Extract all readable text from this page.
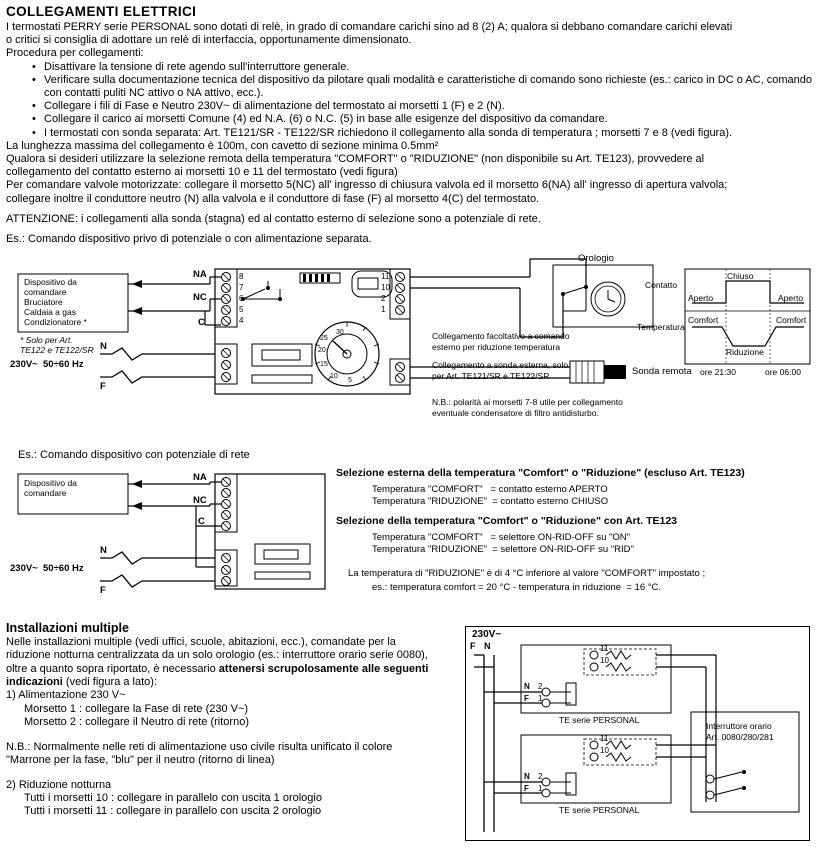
COLLEGAMENTI ELETTRICI

I termostati PERRY serie PERSONAL sono dotati di relè, in grado di comandare carichi sino ad 8 (2) A; qualora si debbano comandare carichi elevati

o critici si consiglia di adottare un relè di interfaccia, opportunamente dimensionato.

Procedura per collegamenti:

• Disattivare la tensione di rete agendo sull'interruttore generale.
• Verificare sulla documentazione tecnica del dispositivo da pilotare quali modalità e caratteristiche di comando sono richieste (es.: carico in DC o AC, comando con contatti puliti NC attivo o NA attivo, ecc.).
• Collegare i fili di Fase e Neutro 230V~ di alimentazione del termostato ai morsetti 1 (F) e 2 (N).
• Collegare il carico ai morsetti Comune (4) ed N.A. (6) o N.C. (5) in base alle esigenze del dispositivo da comandare.
• I termostati con sonda separata: Art. TE121/SR - TE122/SR richiedono il collegamento alla sonda di temperatura ; morsetti 7 e 8 (vedi figura).

La lunghezza massima del collegamento è 100m, con cavetto di sezione minima 0.5mm²

Qualora si desideri utilizzare la selezione remota della temperatura "COMFORT" o "RIDUZIONE" (non disponibile su Art. TE123), provvedere al

collegamento del contatto esterno ai morsetti 10 e 11 del termostato (vedi figura)

Per comandare valvole motorizzate: collegare il morsetto 5(NC) all' ingresso di chiusura valvola ed il morsetto 6(NA) all' ingresso di apertura valvola;

collegare inoltre il conduttore neutro (N) alla valvola e il conduttore di fase (F) al morsetto 4(C) del termostato.

ATTENZIONE: i collegamenti alla sonda (stagna) ed al contatto esterno di selezione sono a potenziale di rete.
Es.: Comando dispositivo privo di potenziale o con alimentazione separata.
Dispositivo da
comandare
Bruciatore
Caldaia a gas
Condizionatore *
* Solo per Art.
TE122 e TE122/SR
NA
NC
C
N
F
230V~  50÷60 Hz
Orologio
Collegamento facoltativo a comando
esterno per riduzione temperatura
Collegamento a sonda esterna, solo
per Art. TE121/SR e TE122/SR	Sonda remota
N.B.: polarità ai morsetti 7-8 utile per collegamento
eventuale condensatore di filtro antidisturbo.
Contatto
Temperatura
Chiuso
Aperto	Aperto
Comfort	Comfort
Riduzione
ore 21:30	ore 06:00
8
7
6
5
4
11
10
2
1
25
20
15
10
5
30
Es.: Comando dispositivo con potenziale di rete
Dispositivo da
comandare
NA
NC
C
N
F
230V~  50÷60 Hz
Selezione esterna della temperatura "Comfort" o "Riduzione" (escluso Art. TE123)
Temperatura "COMFORT"   = contatto esterno APERTO
Temperatura "RIDUZIONE"  = contatto esterno CHIUSO
Selezione della temperatura "Comfort" o "Riduzione" con Art. TE123
Temperatura "COMFORT"   = selettore ON-RID-OFF su "ON"
Temperatura "RIDUZIONE"  = selettore ON-RID-OFF su "RID"
La temperatura di "RIDUZIONE" è di 4 °C inferiore al valore "COMFORT" impostato ;
es.: temperatura comfort = 20 °C - temperatura in riduzione  = 16 °C.
Installazioni multiple
Nelle installazioni multiple (vedi uffici, scuole, abitazioni, ecc.), comandate per la
riduzione notturna centralizzata da un solo orologio (es.: interruttore orario serie 0080),
oltre a quanto sopra riportato, è necessario attenersi scrupolosamente alle seguenti
indicazioni (vedi figura a lato):
1) Alimentazione 230 V~
Morsetto 1 : collegare la Fase di rete (230 V~)
Morsetto 2 : collegare il Neutro di rete (ritorno)
N.B.: Normalmente nelle reti di alimentazione uso civile risulta unificato il colore
"Marrone per la fase, "blu" per il neutro (ritorno di linea)
2) Riduzione notturna
Tutti i morsetti 10 : collegare in parallelo con uscita 1 orologio
Tutti i morsetti 11 : collegare in parallelo con uscita 2 orologio
230V~
F N	11
10
2
1
N
F
11
10
2
1
N
F
TE serie PERSONAL
TE serie PERSONAL
Interruttore orario
Art. 0080/280/281
